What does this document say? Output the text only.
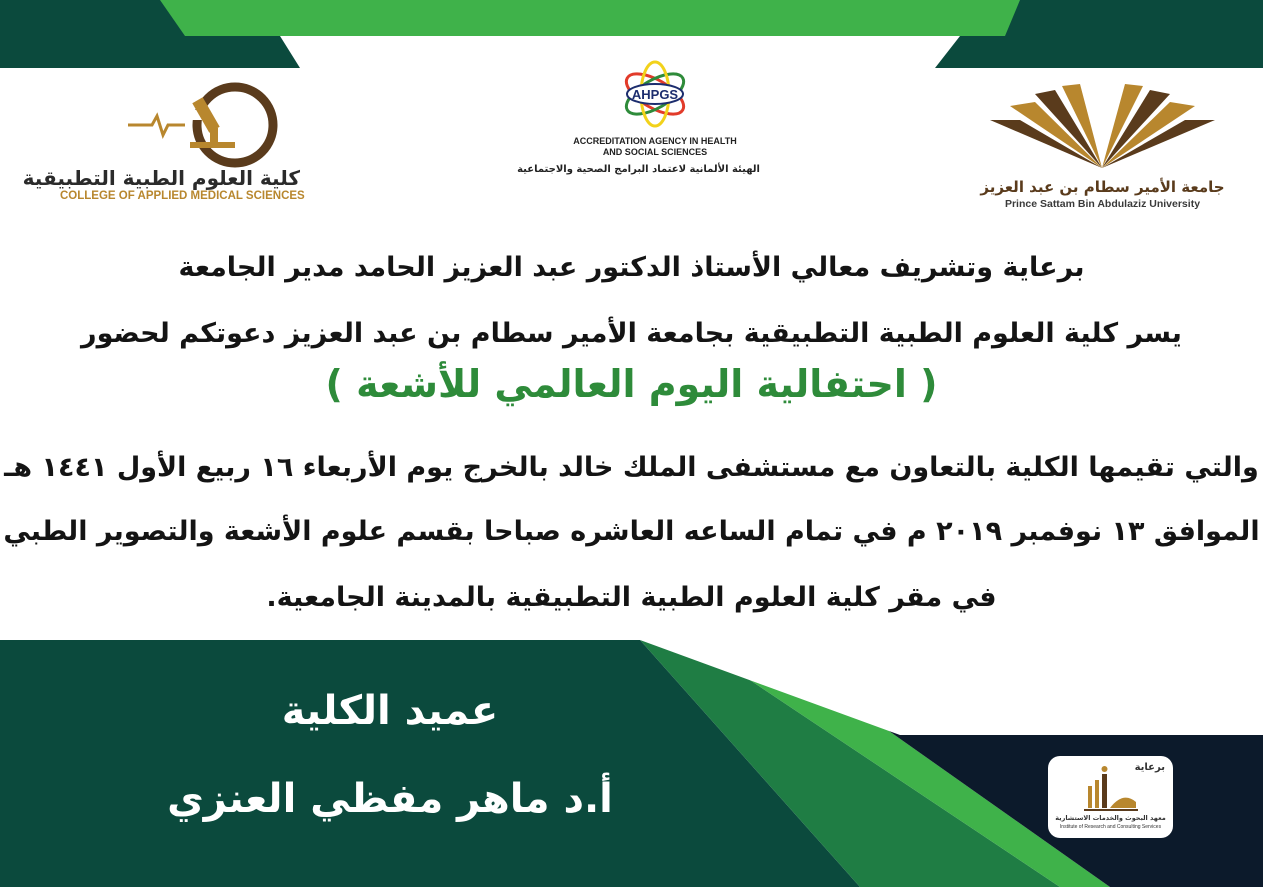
كلية العلوم الطبية التطبيقية
COLLEGE OF APPLIED MEDICAL SCIENCES
AHPGS
ACCREDITATION AGENCY IN HEALTH AND SOCIAL SCIENCES
الهيئة الألمانية لاعتماد البرامج الصحية والاجتماعية
جامعة الأمير سطام بن عبد العزيز
Prince Sattam Bin Abdulaziz University
برعاية وتشريف معالي الأستاذ الدكتور عبد العزيز الحامد مدير الجامعة
يسر كلية العلوم الطبية التطبيقية بجامعة الأمير سطام بن عبد العزيز دعوتكم لحضور
( احتفالية اليوم العالمي للأشعة )
والتي تقيمها الكلية بالتعاون مع مستشفى الملك خالد بالخرج يوم الأربعاء ١٦ ربيع الأول ١٤٤١ هـ
الموافق ١٣ نوفمبر ٢٠١٩ م في تمام الساعه العاشره صباحا بقسم علوم الأشعة والتصوير الطبي
في مقر كلية العلوم الطبية التطبيقية بالمدينة الجامعية.
عميد الكلية
أ.د ماهر مفظي العنزي
برعاية
معهد البحوث والخدمات الاستشارية
Institute of Research and Consulting Services
